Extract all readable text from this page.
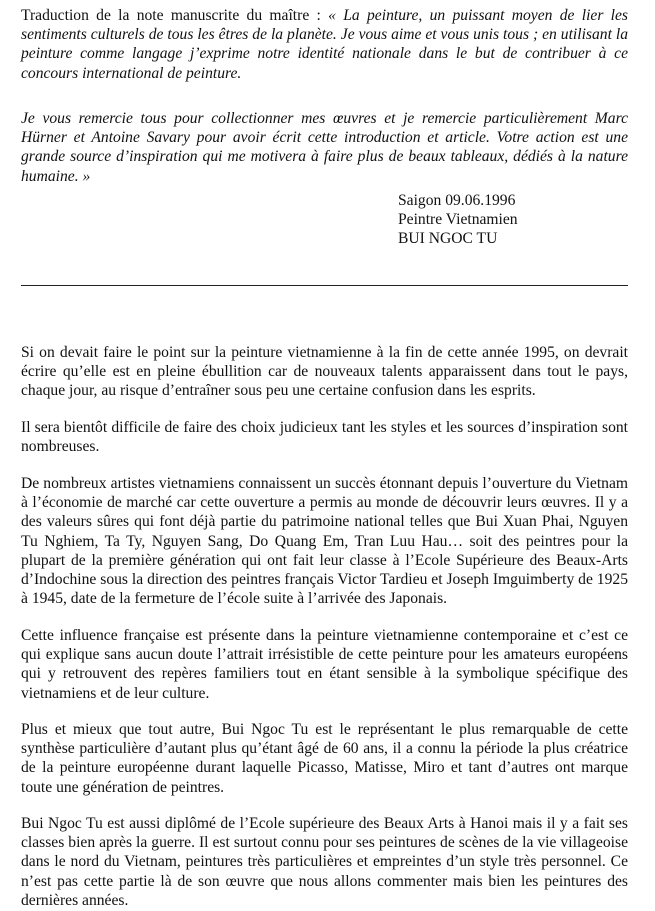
Traduction de la note manuscrite du maître : « La peinture, un puissant moyen de lier les sentiments culturels de tous les êtres de la planète. Je vous aime et vous unis tous ; en utilisant la peinture comme langage j’exprime notre identité nationale dans le but de contribuer à ce concours international de peinture.

Je vous remercie tous pour collectionner mes œuvres et je remercie particulièrement Marc Hürner et Antoine Savary pour avoir écrit cette introduction et article. Votre action est une grande source d’inspiration qui me motivera à faire plus de beaux tableaux, dédiés à la nature humaine. »

Saigon 09.06.1996
Peintre Vietnamien
BUI NGOC TU

Si on devait faire le point sur la peinture vietnamienne à la fin de cette année 1995, on devrait écrire qu’elle est en pleine ébullition car de nouveaux talents apparaissent dans tout le pays, chaque jour, au risque d’entraîner sous peu une certaine confusion dans les esprits.

Il sera bientôt difficile de faire des choix judicieux tant les styles et les sources d’inspiration sont nombreuses.

De nombreux artistes vietnamiens connaissent un succès étonnant depuis l’ouverture du Vietnam à l’économie de marché car cette ouverture a permis au monde de découvrir leurs œuvres. Il y a des valeurs sûres qui font déjà partie du patrimoine national telles que Bui Xuan Phai, Nguyen Tu Nghiem, Ta Ty, Nguyen Sang, Do Quang Em, Tran Luu Hau… soit des peintres pour la plupart de la première génération qui ont fait leur classe à l’Ecole Supérieure des Beaux-Arts d’Indochine sous la direction des peintres français Victor Tardieu et Joseph Imguimberty de 1925 à 1945, date de la fermeture de l’école suite à l’arrivée des Japonais.

Cette influence française est présente dans la peinture vietnamienne contemporaine et c’est ce qui explique sans aucun doute l’attrait irrésistible de cette peinture pour les amateurs européens qui y retrouvent des repères familiers tout en étant sensible à la symbolique spécifique des vietnamiens et de leur culture.

Plus et mieux que tout autre, Bui Ngoc Tu est le représentant le plus remarquable de cette synthèse particulière d’autant plus qu’étant âgé de 60 ans, il a connu la période la plus créatrice de la peinture européenne durant laquelle Picasso, Matisse, Miro et tant d’autres ont marque toute une génération de peintres.

Bui Ngoc Tu est aussi diplômé de l’Ecole supérieure des Beaux Arts à Hanoi mais il y a fait ses classes bien après la guerre. Il est surtout connu pour ses peintures de scènes de la vie villageoise dans le nord du Vietnam, peintures très particulières et empreintes d’un style très personnel. Ce n’est pas cette partie là de son œuvre que nous allons commenter mais bien les peintures des dernières années.
